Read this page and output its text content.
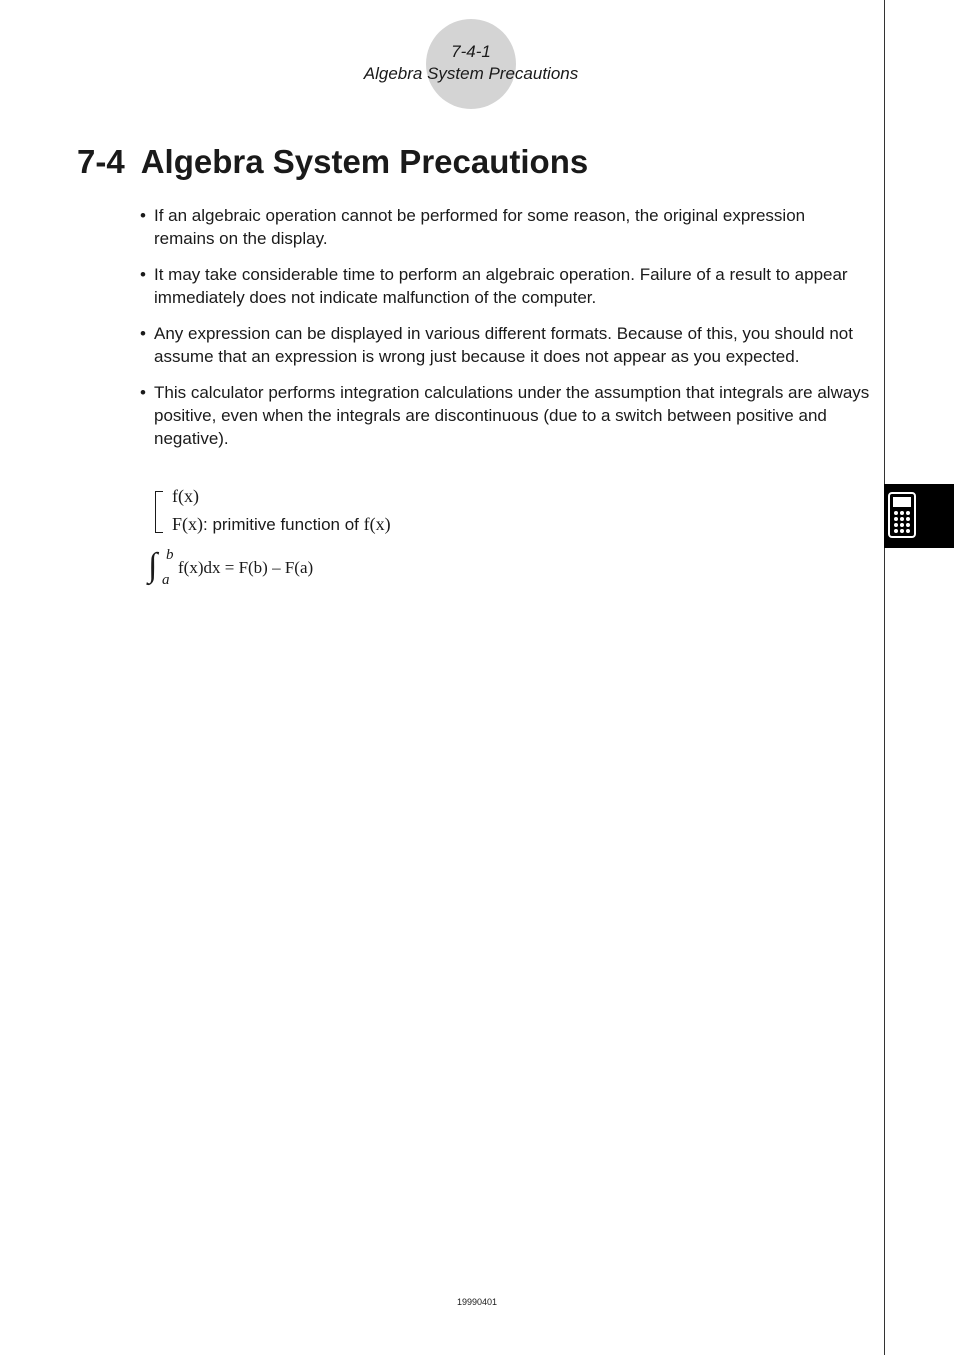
7-4-1
Algebra System Precautions
7-4 Algebra System Precautions
• If an algebraic operation cannot be performed for some reason, the original expression remains on the display.
• It may take considerable time to perform an algebraic operation. Failure of a result to appear immediately does not indicate malfunction of the computer.
• Any expression can be displayed in various different formats. Because of this, you should not assume that an expression is wrong just because it does not appear as you expected.
• This calculator performs integration calculations under the assumption that integrals are always positive, even when the integrals are discontinuous (due to a switch between positive and negative).
f(x)
F(x): primitive function of f(x)
∫ b
a
f(x)dx = F(b) – F(a)
19990401
